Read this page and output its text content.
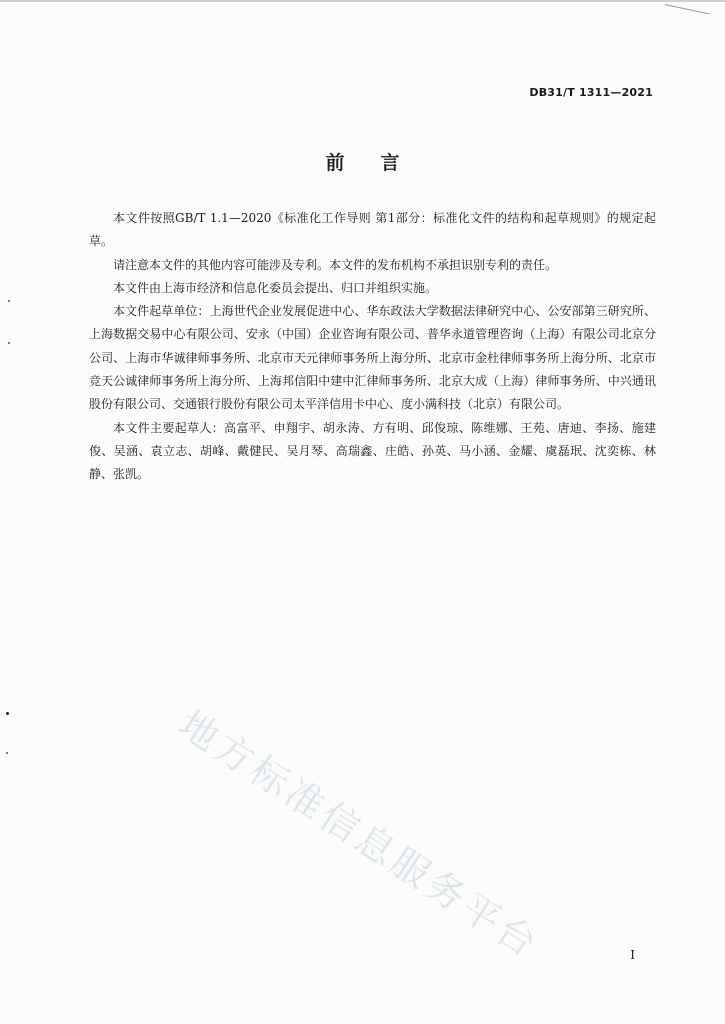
DB31/T 1311—2021
前言

本文件按照GB/T 1.1—2020《标准化工作导则 第1部分：标准化文件的结构和起草规则》的规定起草。

请注意本文件的其他内容可能涉及专利。本文件的发布机构不承担识别专利的责任。

本文件由上海市经济和信息化委员会提出、归口并组织实施。

本文件起草单位：上海世代企业发展促进中心、华东政法大学数据法律研究中心、公安部第三研究所、上海数据交易中心有限公司、安永（中国）企业咨询有限公司、普华永道管理咨询（上海）有限公司北京分公司、上海市华诚律师事务所、北京市天元律师事务所上海分所、北京市金杜律师事务所上海分所、北京市竞天公诚律师事务所上海分所、上海邦信阳中建中汇律师事务所、北京大成（上海）律师事务所、中兴通讯股份有限公司、交通银行股份有限公司太平洋信用卡中心、度小满科技（北京）有限公司。

本文件主要起草人：高富平、申翔宇、胡永涛、方有明、邱俊琼、陈维娜、王苑、唐迪、李扬、施建俊、吴涵、袁立志、胡峰、戴健民、吴月琴、高瑞鑫、庄皓、孙英、马小涵、金耀、虞磊珉、沈奕栋、林静、张凯。

地方标准信息服务平台	I
